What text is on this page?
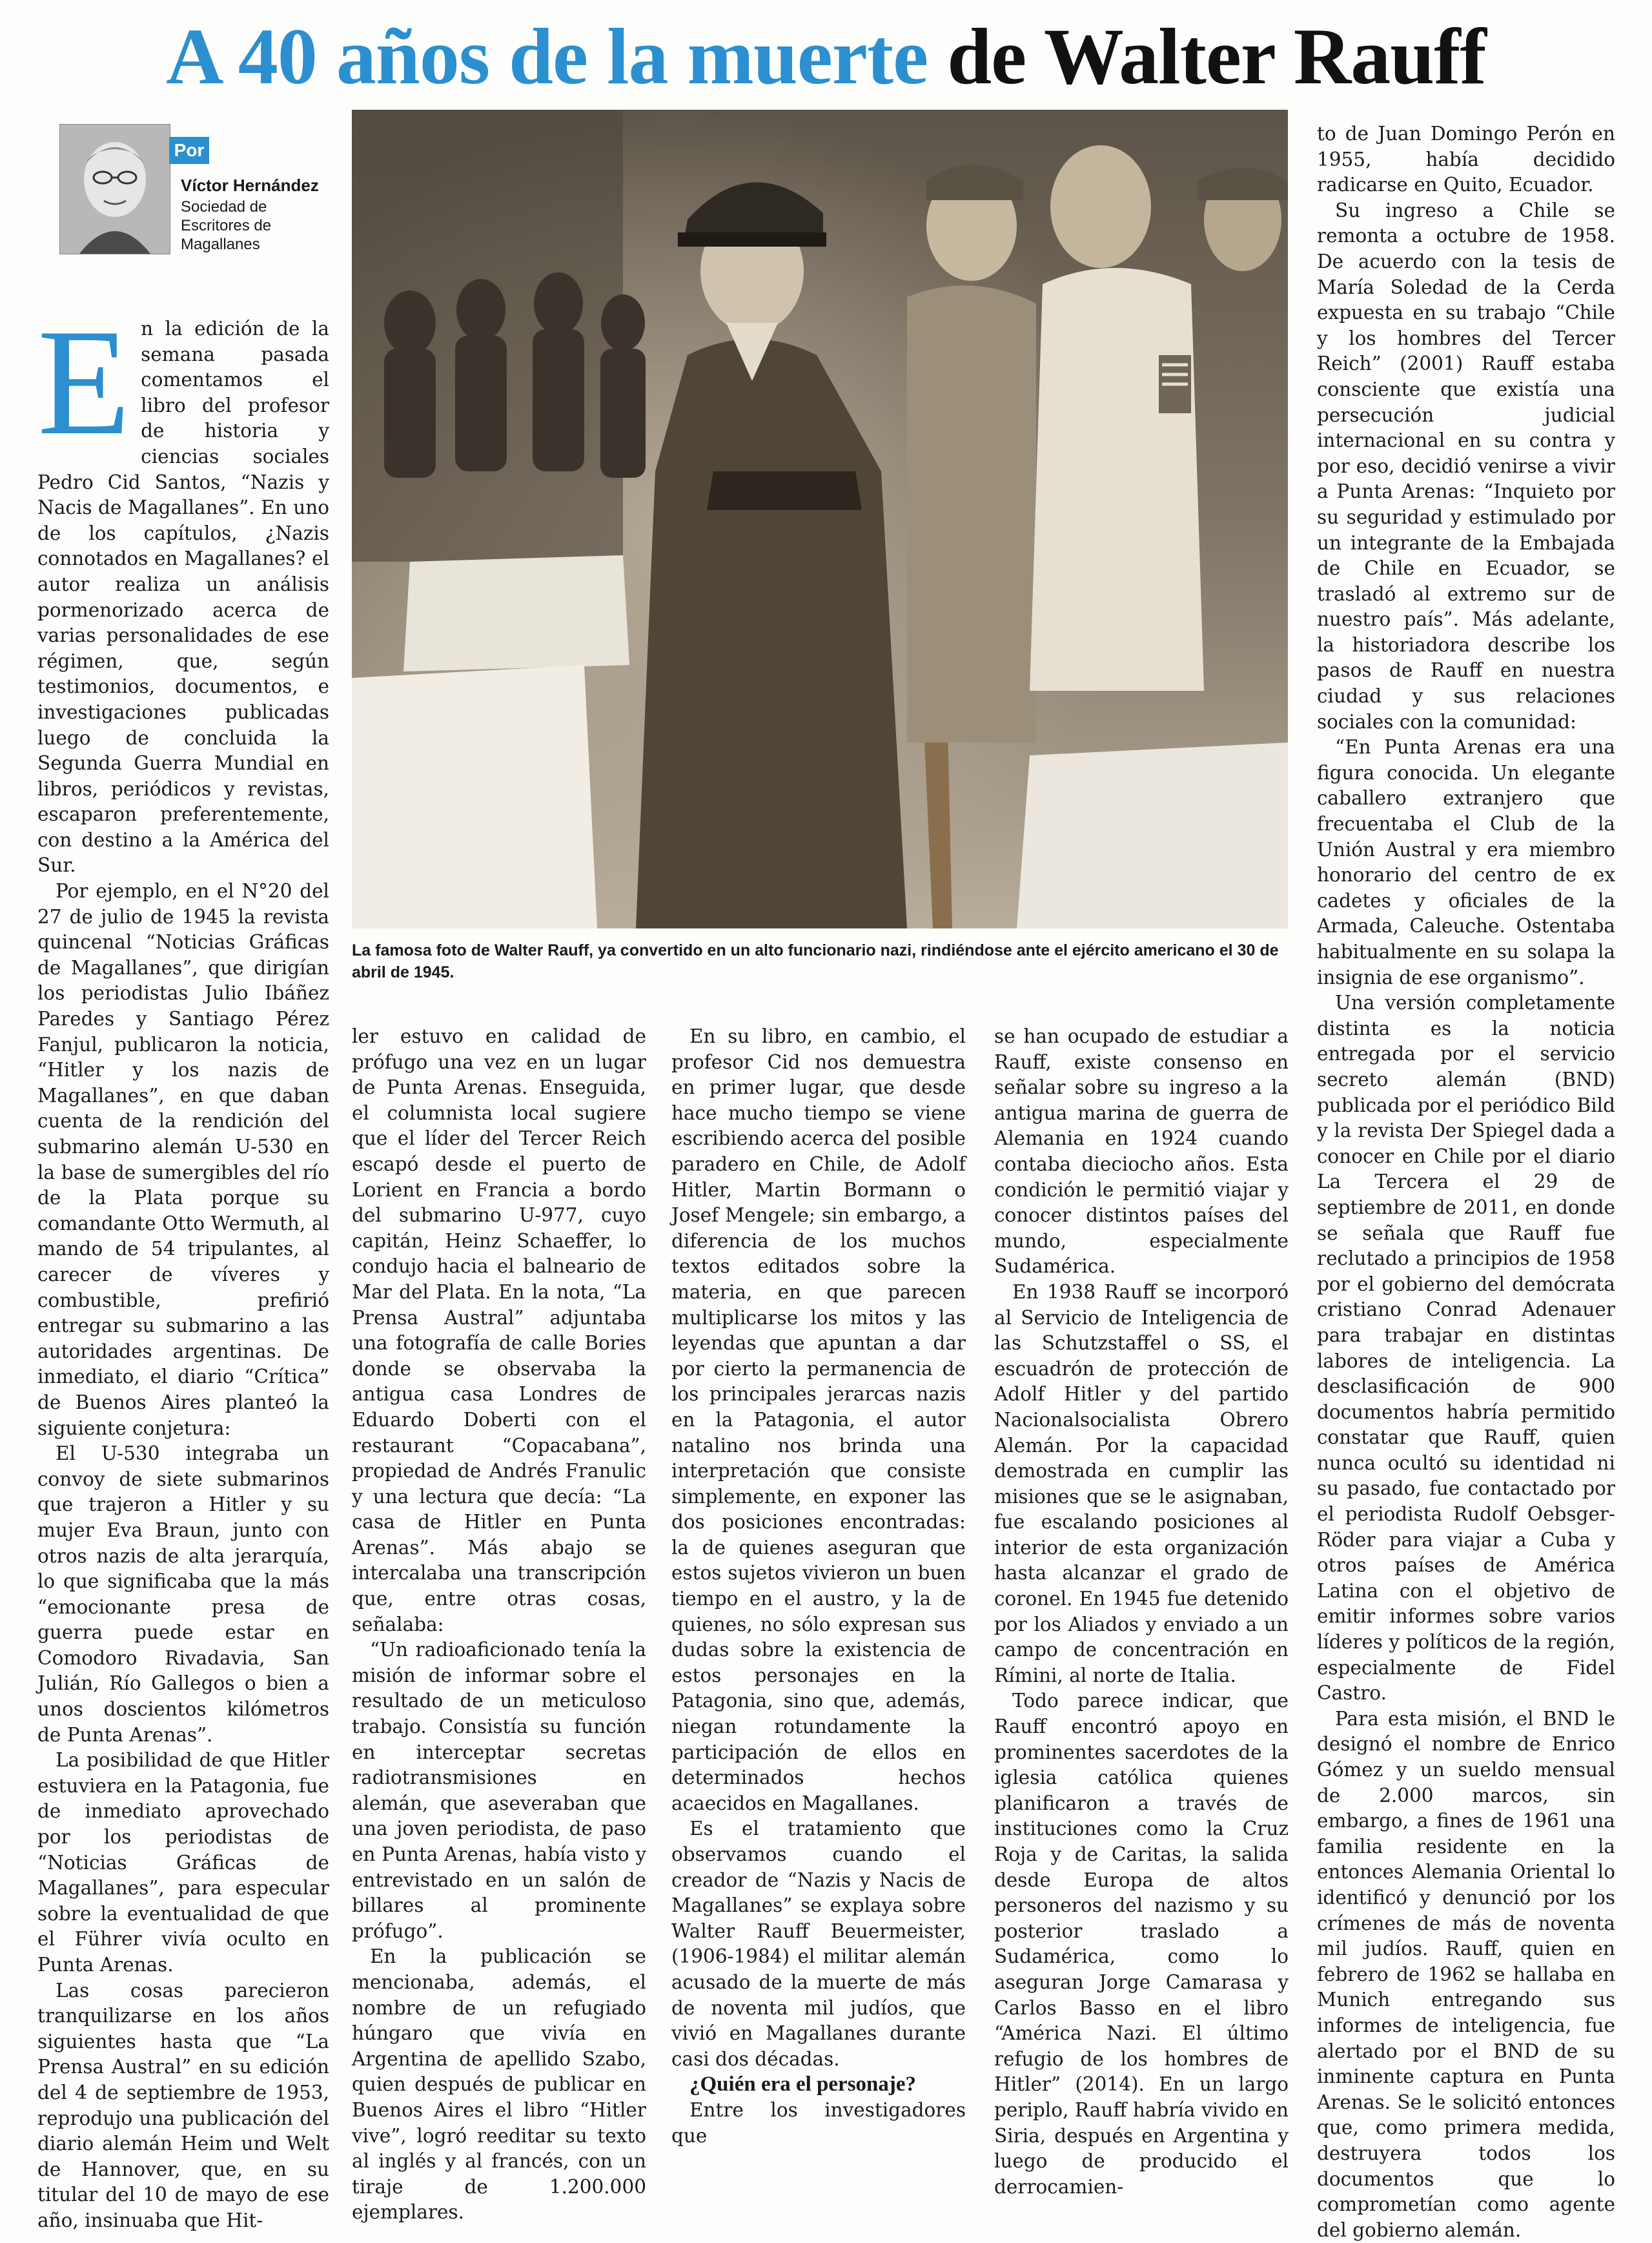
A 40 años de la muerte de Walter Rauff
Por
Víctor Hernández
Sociedad de Escritores de Magallanes
La famosa foto de Walter Rauff, ya convertido en un alto funcionario nazi, rindiéndose ante el ejército americano el 30 de abril de 1945.
E n la edición de la semana pasada comentamos el libro del profesor de historia y ciencias sociales Pedro Cid Santos, “Nazis y Nacis de Magallanes”. En uno de los capítulos, ¿Nazis connotados en Magallanes? el autor realiza un análisis pormenorizado acerca de varias personalidades de ese régimen, que, según testimonios, documentos, e investigaciones publicadas luego de concluida la Segunda Guerra Mundial en libros, periódicos y revistas, escaparon preferentemente, con destino a la América del Sur.

Por ejemplo, en el N°20 del 27 de julio de 1945 la revista quincenal “Noticias Gráficas de Magallanes”, que dirigían los periodistas Julio Ibáñez Paredes y Santiago Pérez Fanjul, publicaron la noticia, “Hitler y los nazis de Magallanes”, en que daban cuenta de la rendición del submarino alemán U-530 en la base de sumergibles del río de la Plata porque su comandante Otto Wermuth, al mando de 54 tripulantes, al carecer de víveres y combustible, prefirió entregar su submarino a las autoridades argentinas. De inmediato, el diario “Crítica” de Buenos Aires planteó la siguiente conjetura:

El U-530 integraba un convoy de siete submarinos que trajeron a Hitler y su mujer Eva Braun, junto con otros nazis de alta jerarquía, lo que significaba que la más “emocionante presa de guerra puede estar en Comodoro Rivadavia, San Julián, Río Gallegos o bien a unos doscientos kilómetros de Punta Arenas”.

La posibilidad de que Hitler estuviera en la Patagonia, fue de inmediato aprovechado por los periodistas de “Noticias Gráficas de Magallanes”, para especular sobre la eventualidad de que el Führer vivía oculto en Punta Arenas.

Las cosas parecieron tranquilizarse en los años siguientes hasta que “La Prensa Austral” en su edición del 4 de septiembre de 1953, reprodujo una publicación del diario alemán Heim und Welt de Hannover, que, en su titular del 10 de mayo de ese año, insinuaba que Hit-

ler estuvo en calidad de prófugo una vez en un lugar de Punta Arenas. Enseguida, el columnista local sugiere que el líder del Tercer Reich escapó desde el puerto de Lorient en Francia a bordo del submarino U-977, cuyo capitán, Heinz Schaeffer, lo condujo hacia el balneario de Mar del Plata. En la nota, “La Prensa Austral” adjuntaba una fotografía de calle Bories donde se observaba la antigua casa Londres de Eduardo Doberti con el restaurant “Copacabana”, propiedad de Andrés Franulic y una lectura que decía: “La casa de Hitler en Punta Arenas”. Más abajo se intercalaba una transcripción que, entre otras cosas, señalaba:

“Un radioaficionado tenía la misión de informar sobre el resultado de un meticuloso trabajo. Consistía su función en interceptar secretas radiotransmisiones en alemán, que aseveraban que una joven periodista, de paso en Punta Arenas, había visto y entrevistado en un salón de billares al prominente prófugo”.

En la publicación se mencionaba, además, el nombre de un refugiado húngaro que vivía en Argentina de apellido Szabo, quien después de publicar en Buenos Aires el libro “Hitler vive”, logró reeditar su texto al inglés y al francés, con un tiraje de 1.200.000 ejemplares.

En su libro, en cambio, el profesor Cid nos demuestra en primer lugar, que desde hace mucho tiempo se viene escribiendo acerca del posible paradero en Chile, de Adolf Hitler, Martin Bormann o Josef Mengele; sin embargo, a diferencia de los muchos textos editados sobre la materia, en que parecen multiplicarse los mitos y las leyendas que apuntan a dar por cierto la permanencia de los principales jerarcas nazis en la Patagonia, el autor natalino nos brinda una interpretación que consiste simplemente, en exponer las dos posiciones encontradas: la de quienes aseguran que estos sujetos vivieron un buen tiempo en el austro, y la de quienes, no sólo expresan sus dudas sobre la existencia de estos personajes en la Patagonia, sino que, además, niegan rotundamente la participación de ellos en determinados hechos acaecidos en Magallanes.

Es el tratamiento que observamos cuando el creador de “Nazis y Nacis de Magallanes” se explaya sobre Walter Rauff Beuermeister, (1906-1984) el militar alemán acusado de la muerte de más de noventa mil judíos, que vivió en Magallanes durante casi dos décadas.

¿Quién era el personaje?

Entre los investigadores que

se han ocupado de estudiar a Rauff, existe consenso en señalar sobre su ingreso a la antigua marina de guerra de Alemania en 1924 cuando contaba dieciocho años. Esta condición le permitió viajar y conocer distintos países del mundo, especialmente Sudamérica.

En 1938 Rauff se incorporó al Servicio de Inteligencia de las Schutzstaffel o SS, el escuadrón de protección de Adolf Hitler y del partido Nacionalsocialista Obrero Alemán. Por la capacidad demostrada en cumplir las misiones que se le asignaban, fue escalando posiciones al interior de esta organización hasta alcanzar el grado de coronel. En 1945 fue detenido por los Aliados y enviado a un campo de concentración en Rímini, al norte de Italia.

Todo parece indicar, que Rauff encontró apoyo en prominentes sacerdotes de la iglesia católica quienes planificaron a través de instituciones como la Cruz Roja y de Caritas, la salida desde Europa de altos personeros del nazismo y su posterior traslado a Sudamérica, como lo aseguran Jorge Camarasa y Carlos Basso en el libro “América Nazi. El último refugio de los hombres de Hitler” (2014). En un largo periplo, Rauff habría vivido en Siria, después en Argentina y luego de producido el derrocamien-

to de Juan Domingo Perón en 1955, había decidido radicarse en Quito, Ecuador.

Su ingreso a Chile se remonta a octubre de 1958. De acuerdo con la tesis de María Soledad de la Cerda expuesta en su trabajo “Chile y los hombres del Tercer Reich” (2001) Rauff estaba consciente que existía una persecución judicial internacional en su contra y por eso, decidió venirse a vivir a Punta Arenas: “Inquieto por su seguridad y estimulado por un integrante de la Embajada de Chile en Ecuador, se trasladó al extremo sur de nuestro país”. Más adelante, la historiadora describe los pasos de Rauff en nuestra ciudad y sus relaciones sociales con la comunidad:

“En Punta Arenas era una figura conocida. Un elegante caballero extranjero que frecuentaba el Club de la Unión Austral y era miembro honorario del centro de ex cadetes y oficiales de la Armada, Caleuche. Ostentaba habitualmente en su solapa la insignia de ese organismo”.

Una versión completamente distinta es la noticia entregada por el servicio secreto alemán (BND) publicada por el periódico Bild y la revista Der Spiegel dada a conocer en Chile por el diario La Tercera el 29 de septiembre de 2011, en donde se señala que Rauff fue reclutado a principios de 1958 por el gobierno del demócrata cristiano Conrad Adenauer para trabajar en distintas labores de inteligencia. La desclasificación de 900 documentos habría permitido constatar que Rauff, quien nunca ocultó su identidad ni su pasado, fue contactado por el periodista Rudolf Oebsger-Röder para viajar a Cuba y otros países de América Latina con el objetivo de emitir informes sobre varios líderes y políticos de la región, especialmente de Fidel Castro.

Para esta misión, el BND le designó el nombre de Enrico Gómez y un sueldo mensual de 2.000 marcos, sin embargo, a fines de 1961 una familia residente en la entonces Alemania Oriental lo identificó y denunció por los crímenes de más de noventa mil judíos. Rauff, quien en febrero de 1962 se hallaba en Munich entregando sus informes de inteligencia, fue alertado por el BND de su inminente captura en Punta Arenas. Se le solicitó entonces que, como primera medida, destruyera todos los documentos que lo comprometían como agente del gobierno alemán.
